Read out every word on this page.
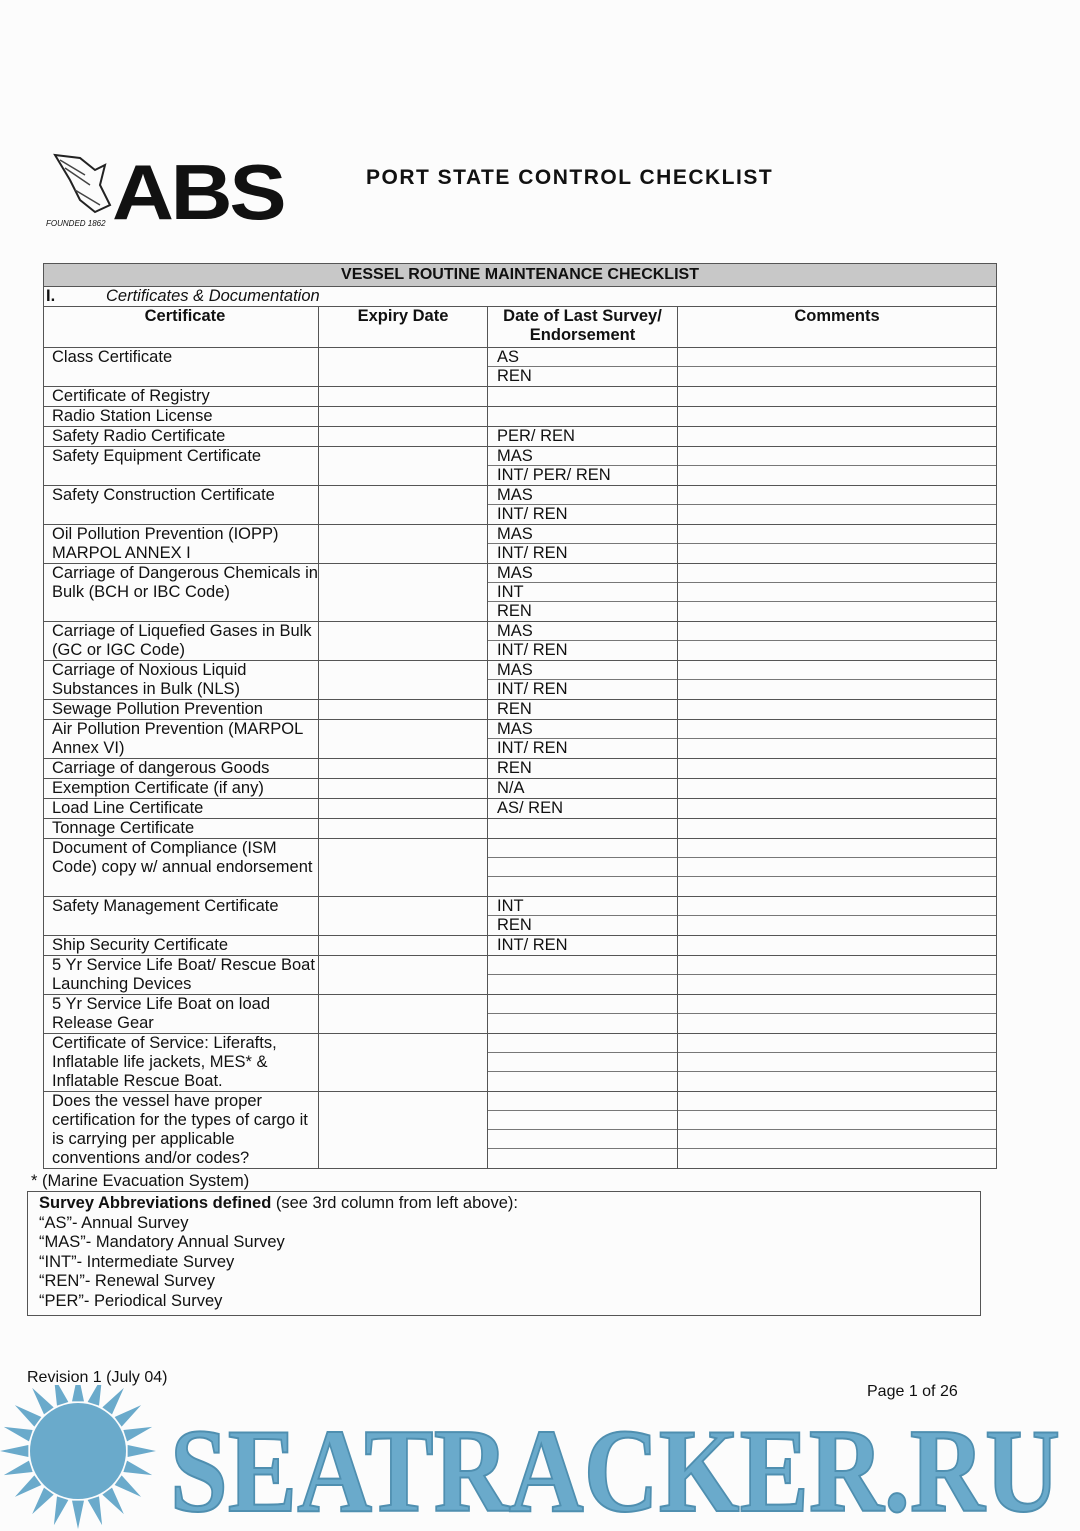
ABS
FOUNDED 1862
PORT STATE CONTROL CHECKLIST
VESSEL ROUTINE MAINTENANCE CHECKLIST			
I. Certificates & Documentation			
Certificate	Expiry Date	Date of Last Survey/ Endorsement	Comments
Class Certificate		AS
REN	

Certificate of Registry		

Radio Station License		

Safety Radio Certificate		PER/ REN	

Safety Equipment Certificate		MAS
INT/ PER/ REN	

Safety Construction Certificate		MAS
INT/ REN	

Oil Pollution Prevention (IOPP) MARPOL ANNEX I		MAS
INT/ REN	

Carriage of Dangerous Chemicals in Bulk (BCH or IBC Code)		MAS
INT
REN	

Carriage of Liquefied Gases in Bulk (GC or IGC Code)		MAS
INT/ REN	

Carriage of Noxious Liquid Substances in Bulk (NLS)		MAS
INT/ REN	

Sewage Pollution Prevention		REN	

Air Pollution Prevention (MARPOL Annex VI)		MAS
INT/ REN	

Carriage of dangerous Goods		REN	

Exemption Certificate (if any)		N/A	

Load Line Certificate		AS/ REN	

Tonnage Certificate		

Document of Compliance (ISM Code) copy w/ annual endorsement		

Safety Management Certificate		INT
REN	

Ship Security Certificate		INT/ REN	

5 Yr Service Life Boat/ Rescue Boat Launching Devices		

5 Yr Service Life Boat on load Release Gear		

Certificate of Service: Liferafts, Inflatable life jackets, MES* & Inflatable Rescue Boat.		

Does the vessel have proper certification for the types of cargo it is carrying per applicable conventions and/or codes?		

* (Marine Evacuation System)
Survey Abbreviations defined (see 3rd column from left above):
“AS”- Annual Survey
“MAS”- Mandatory Annual Survey
“INT”- Intermediate Survey
“REN”- Renewal Survey
“PER”- Periodical Survey
SEATRACKER.RU
Revision 1 (July 04)
Page 1 of 26
